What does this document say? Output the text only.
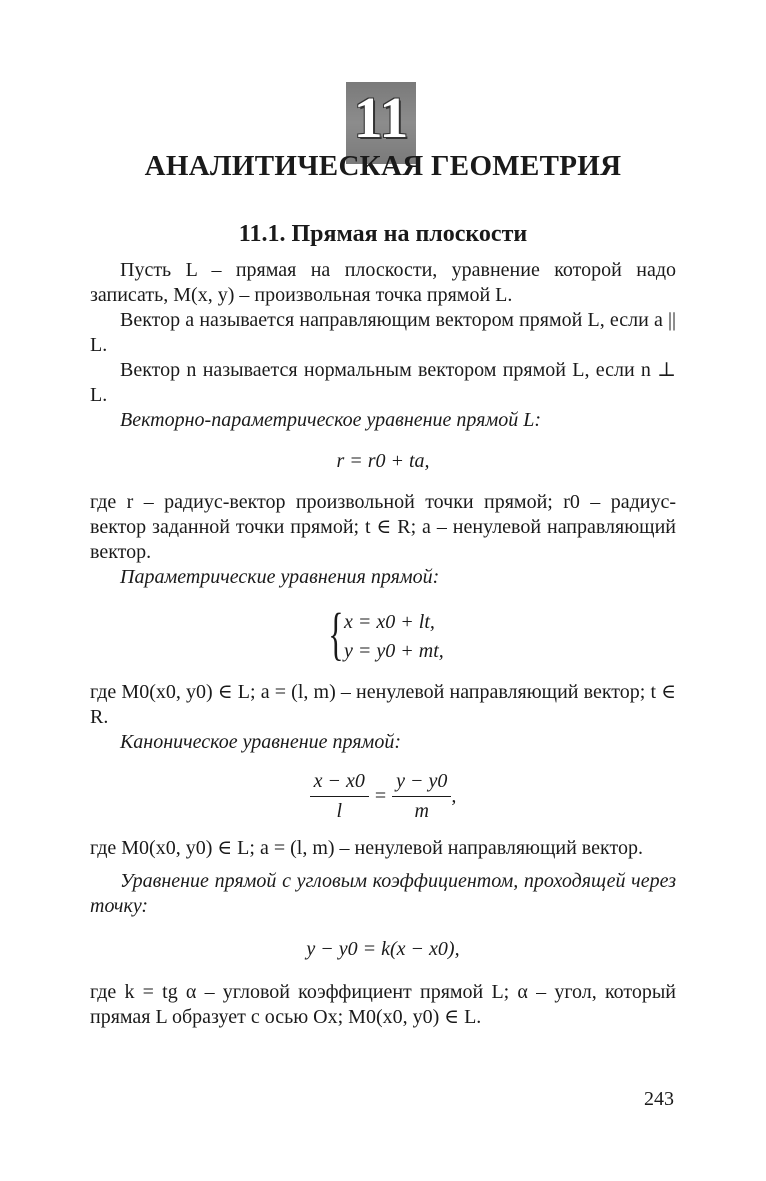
11
АНАЛИТИЧЕСКАЯ ГЕОМЕТРИЯ
11.1. Прямая на плоскости

Пусть L – прямая на плоскости, уравнение которой надо записать, M(x, y) – произвольная точка прямой L.

Вектор a называется направляющим вектором прямой L, если a || L.

Вектор n называется нормальным вектором прямой L, если n ⊥ L.

Векторно-параметрическое уравнение прямой L:

r = r0 + ta,

где r – радиус-вектор произвольной точки прямой; r0 – радиус-вектор заданной точки прямой; t ∈ R; a – ненулевой направляющий вектор.

Параметрические уравнения прямой:

{ x = x0 + lt,
y = y0 + mt,

где M0(x0, y0) ∈ L; a = (l, m) – ненулевой направляющий вектор; t ∈ R.

Каноническое уравнение прямой:

$\frac{x - x0}{l} = \frac{y - y0}{m}$ ,

где M0(x0, y0) ∈ L; a = (l, m) – ненулевой направляющий вектор.

Уравнение прямой с угловым коэффициентом, проходящей через точку:

y − y0 = k(x − x0),

где k = tg α – угловой коэффициент прямой L; α – угол, который прямая L образует с осью Ox; M0(x0, y0) ∈ L.

243
